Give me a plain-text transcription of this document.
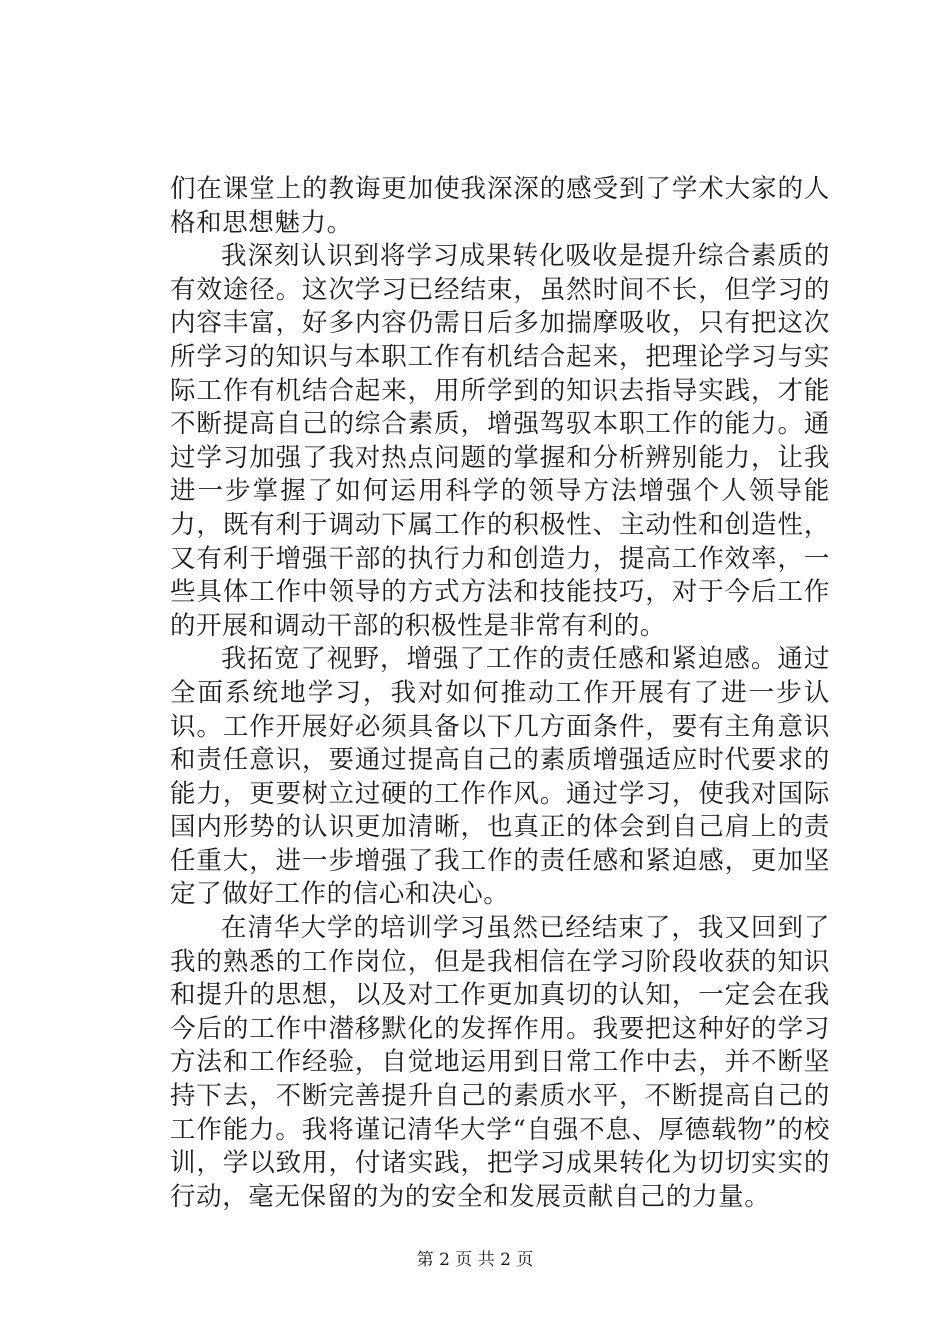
们在课堂上的教诲更加使我深深的感受到了学术大家的人格和思想魅力。

我深刻认识到将学习成果转化吸收是提升综合素质的有效途径。这次学习已经结束，虽然时间不长，但学习的内容丰富，好多内容仍需日后多加揣摩吸收，只有把这次所学习的知识与本职工作有机结合起来，把理论学习与实际工作有机结合起来，用所学到的知识去指导实践，才能不断提高自己的综合素质，增强驾驭本职工作的能力。通过学习加强了我对热点问题的掌握和分析辨别能力，让我进一步掌握了如何运用科学的领导方法增强个人领导能力，既有利于调动下属工作的积极性、主动性和创造性，又有利于增强干部的执行力和创造力，提高工作效率，一些具体工作中领导的方式方法和技能技巧，对于今后工作的开展和调动干部的积极性是非常有利的。

我拓宽了视野，增强了工作的责任感和紧迫感。通过全面系统地学习，我对如何推动工作开展有了进一步认识。工作开展好必须具备以下几方面条件，要有主角意识和责任意识，要通过提高自己的素质增强适应时代要求的能力，更要树立过硬的工作作风。通过学习，使我对国际国内形势的认识更加清晰，也真正的体会到自己肩上的责任重大，进一步增强了我工作的责任感和紧迫感，更加坚定了做好工作的信心和决心。

在清华大学的培训学习虽然已经结束了，我又回到了我的熟悉的工作岗位，但是我相信在学习阶段收获的知识和提升的思想，以及对工作更加真切的认知，一定会在我今后的工作中潜移默化的发挥作用。我要把这种好的学习方法和工作经验，自觉地运用到日常工作中去，并不断坚持下去，不断完善提升自己的素质水平，不断提高自己的工作能力。我将谨记清华大学“自强不息、厚德载物”的校训，学以致用，付诸实践，把学习成果转化为切切实实的行动，毫无保留的为的安全和发展贡献自己的力量。

第 2 页 共 2 页
